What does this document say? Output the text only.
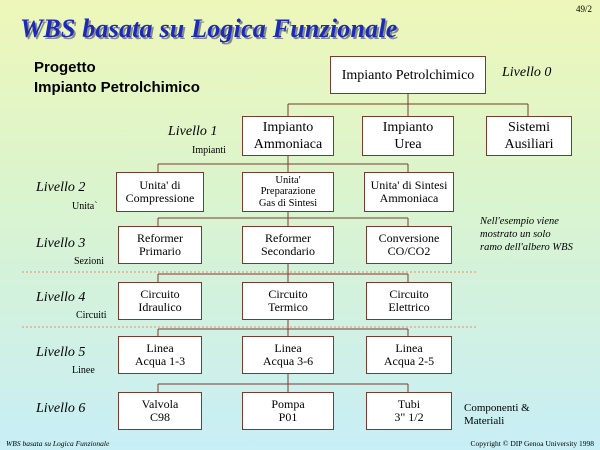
WBS basata su Logica Funzionale
49/2
Progetto
Impianto Petrolchimico
Impianto Petrolchimico
Impianto
Ammoniaca
Impianto
Urea
Sistemi
Ausiliari
Unita' di
Compressione
Unita'
Preparazione
Gas di Sintesi
Unita' di Sintesi
Ammoniaca
Reformer
Primario
Reformer
Secondario
Conversione
CO/CO2
Circuito
Idraulico
Circuito
Termico
Circuito
Elettrico
Linea
Acqua 1-3
Linea
Acqua 3-6
Linea
Acqua 2-5
Valvola
C98
Pompa
P01
Tubi
3" 1/2
Livello 0
Livello 1
Impianti
Livello 2
Unita`
Livello 3
Sezioni
Livello 4
Circuiti
Livello 5
Linee
Livello 6
Nell'esempio viene
mostrato un solo
ramo dell'albero WBS
Componenti &
Materiali
WBS basata su Logica Funzionale	Copyright © DIP Genoa University 1998
